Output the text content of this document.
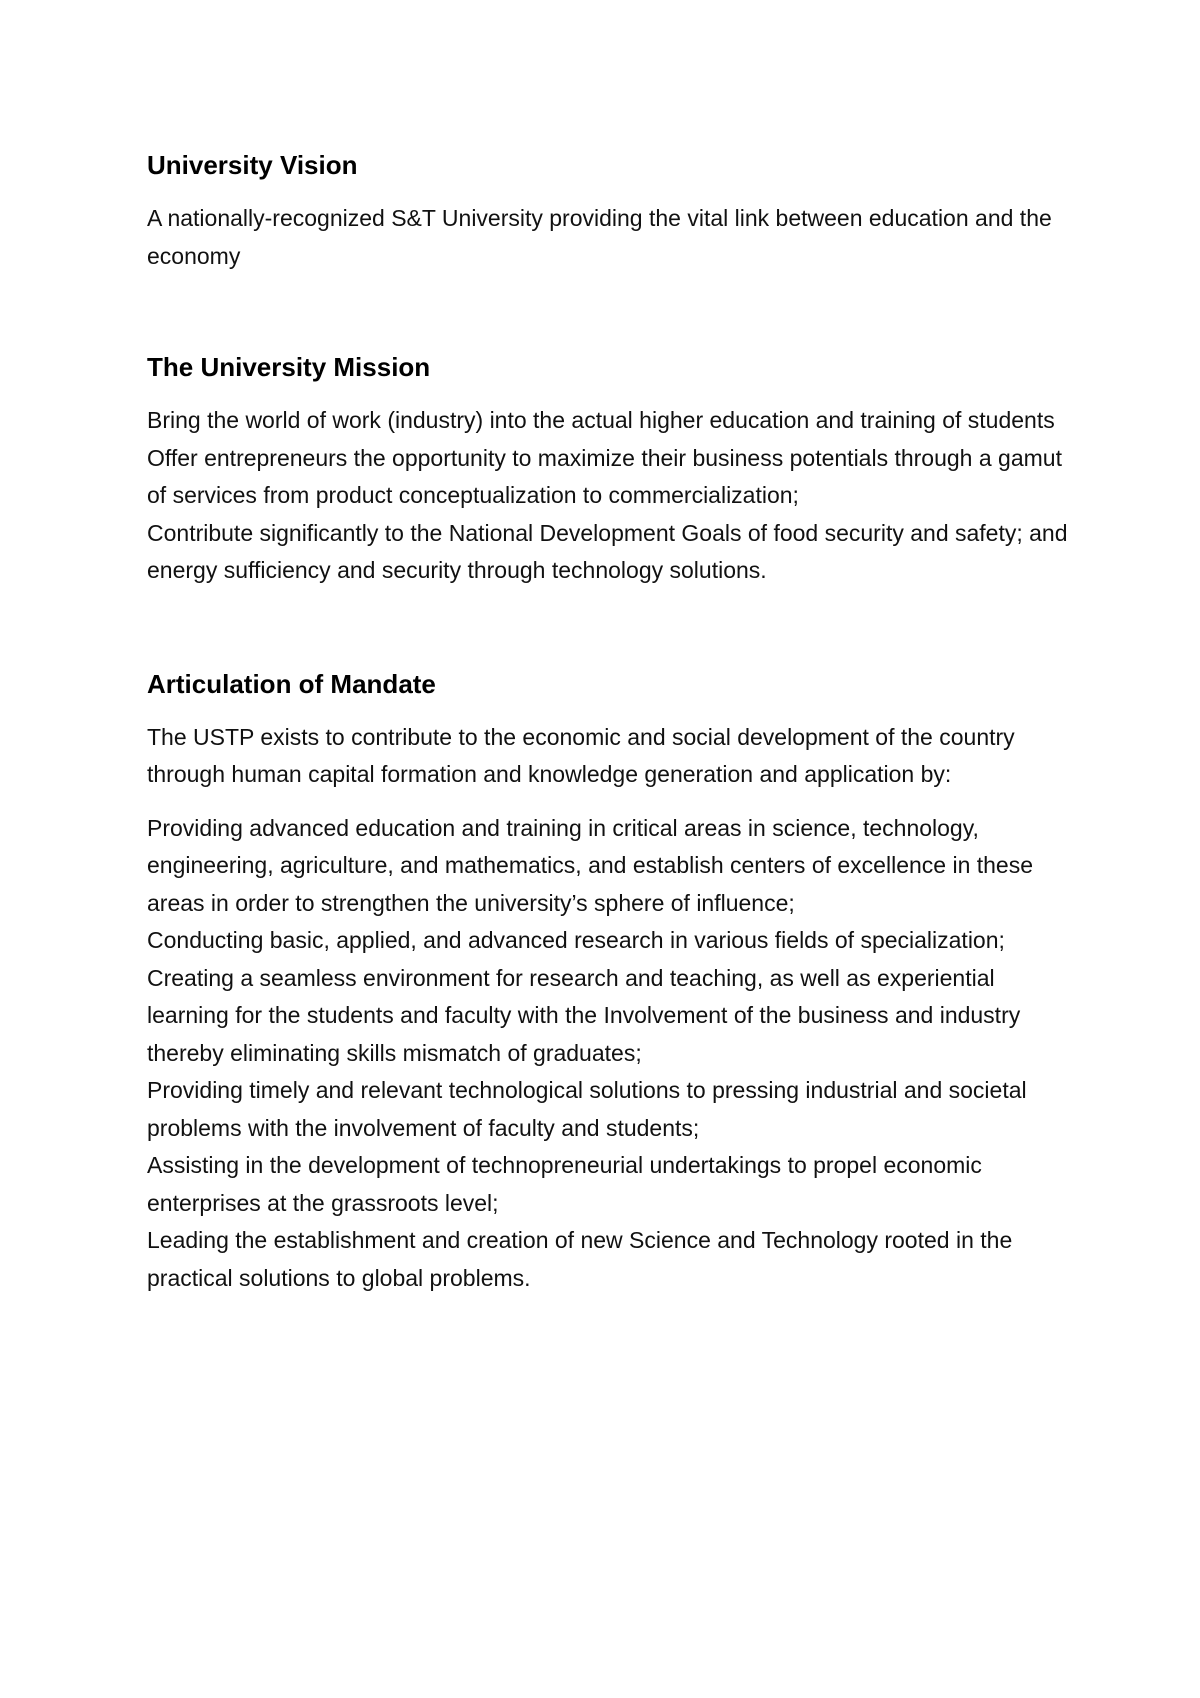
University Vision

A nationally-recognized S&T University providing the vital link between education and the economy

The University Mission
Bring the world of work (industry) into the actual higher education and training of students
Offer entrepreneurs the opportunity to maximize their business potentials through a gamut of services from product conceptualization to commercialization;
Contribute significantly to the National Development Goals of food security and safety; and energy sufficiency and security through technology solutions.
Articulation of Mandate

The USTP exists to contribute to the economic and social development of the country through human capital formation and knowledge generation and application by:

Providing advanced education and training in critical areas in science, technology, engineering, agriculture, and mathematics, and establish centers of excellence in these areas in order to strengthen the university’s sphere of influence;
Conducting basic, applied, and advanced research in various fields of specialization;
Creating a seamless environment for research and teaching, as well as experiential learning for the students and faculty with the Involvement of the business and industry thereby eliminating skills mismatch of graduates;
Providing timely and relevant technological solutions to pressing industrial and societal problems with the involvement of faculty and students;
Assisting in the development of technopreneurial undertakings to propel economic enterprises at the grassroots level;
Leading the establishment and creation of new Science and Technology rooted in the practical solutions to global problems.
